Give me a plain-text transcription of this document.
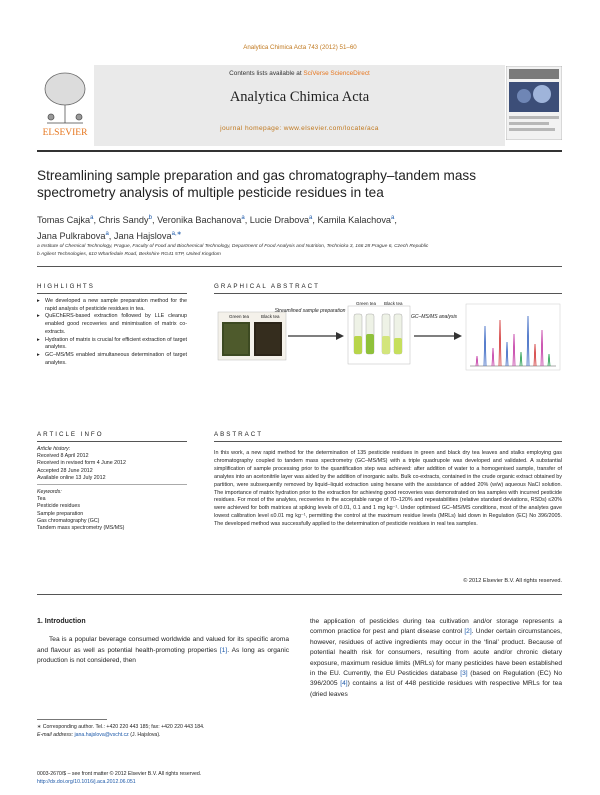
Analytica Chimica Acta 743 (2012) 51–60
ELSEVIER
Contents lists available at SciVerse ScienceDirect
Analytica Chimica Acta
journal homepage: www.elsevier.com/locate/aca
Streamlining sample preparation and gas chromatography–tandem mass spectrometry analysis of multiple pesticide residues in tea
Tomas Cajka$^a$, Chris Sandy$^b$, Veronika Bachanova$^a$, Lucie Drabova$^a$, Kamila Kalachova$^a$,
Jana Pulkrabova$^a$, Jana Hajslova$^{a,∗}$
a Institute of Chemical Technology, Prague, Faculty of Food and Biochemical Technology, Department of Food Analysis and Nutrition, Technicka 3, 166 28 Prague 6, Czech Republic
b Agilent Technologies, 610 Wharfedale Road, Berkshire RG41 5TP, United Kingdom
HIGHLIGHTS
▸ We developed a new sample preparation method for the rapid analysis of pesticide residues in tea.
▸ QuEChERS-based extraction followed by LLE cleanup enabled good recoveries and minimisation of matrix co-extracts.
▸ Hydration of matrix is crucial for efficient extraction of target analytes.
▸ GC–MS/MS enabled simultaneous determination of target analytes.
GRAPHICAL ABSTRACT
Green tea	Black tea
Streamlined sample preparation
Green tea Black tea
GC–MS/MS analysis
ARTICLE INFO
Article history:
Received 8 April 2012
Received in revised form 4 June 2012
Accepted 28 June 2012
Available online 13 July 2012
Keywords:
Tea
Pesticide residues
Sample preparation
Gas chromatography (GC)
Tandem mass spectrometry (MS/MS)
ABSTRACT
In this work, a new rapid method for the determination of 135 pesticide residues in green and black dry tea leaves and stalks employing gas chromatography coupled to tandem mass spectrometry (GC–MS/MS) with a triple quadrupole was developed and validated. A substantial simplification of sample processing prior to the quantification step was achieved: after addition of water to a homogenised sample, transfer of analytes into an acetonitrile layer was aided by the addition of inorganic salts. Bulk co-extracts, contained in the crude organic extract obtained by partition, were subsequently removed by liquid–liquid extraction using hexane with the assistance of added 20% (w/w) aqueous NaCl solution. The importance of matrix hydration prior to the extraction for achieving good recoveries was demonstrated on tea samples with incurred pesticide residues. For most of the analytes, recoveries in the acceptable range of 70–120% and repeatabilities (relative standard deviations, RSDs) ≤20% were achieved for both matrices at spiking levels of 0.01, 0.1 and 1 mg kg⁻¹. Under optimised GC–MS/MS conditions, most of the analytes gave lowest calibration level ≤0.01 mg kg⁻¹, permitting the control at the maximum residue levels (MRLs) laid down in Regulation (EC) No 396/2005. The developed method was successfully applied to the determination of pesticide residues in real tea samples.
© 2012 Elsevier B.V. All rights reserved.
1. Introduction

Tea is a popular beverage consumed worldwide and valued for its specific aroma and flavour as well as potential health-promoting properties [1]. As long as organic production is not considered, then

the application of pesticides during tea cultivation and/or storage represents a common practice for pest and plant disease control [2]. Under certain circumstances, however, residues of active ingredients may occur in the ‘final’ product. Because of potential health risk for consumers, resulting from acute and/or chronic dietary exposure, maximum residue limits (MRLs) for many pesticides have been established in the EU. Currently, the EU Pesticides database [3] (based on Regulation (EC) No 396/2005 [4]) contains a list of 448 pesticide residues with respective MRLs for tea (dried leaves

∗ Corresponding author. Tel.: +420 220 443 185; fax: +420 220 443 184.
E-mail address: jana.hajslova@vscht.cz (J. Hajslova).
0003-2670/$ – see front matter © 2012 Elsevier B.V. All rights reserved.
http://dx.doi.org/10.1016/j.aca.2012.06.051
